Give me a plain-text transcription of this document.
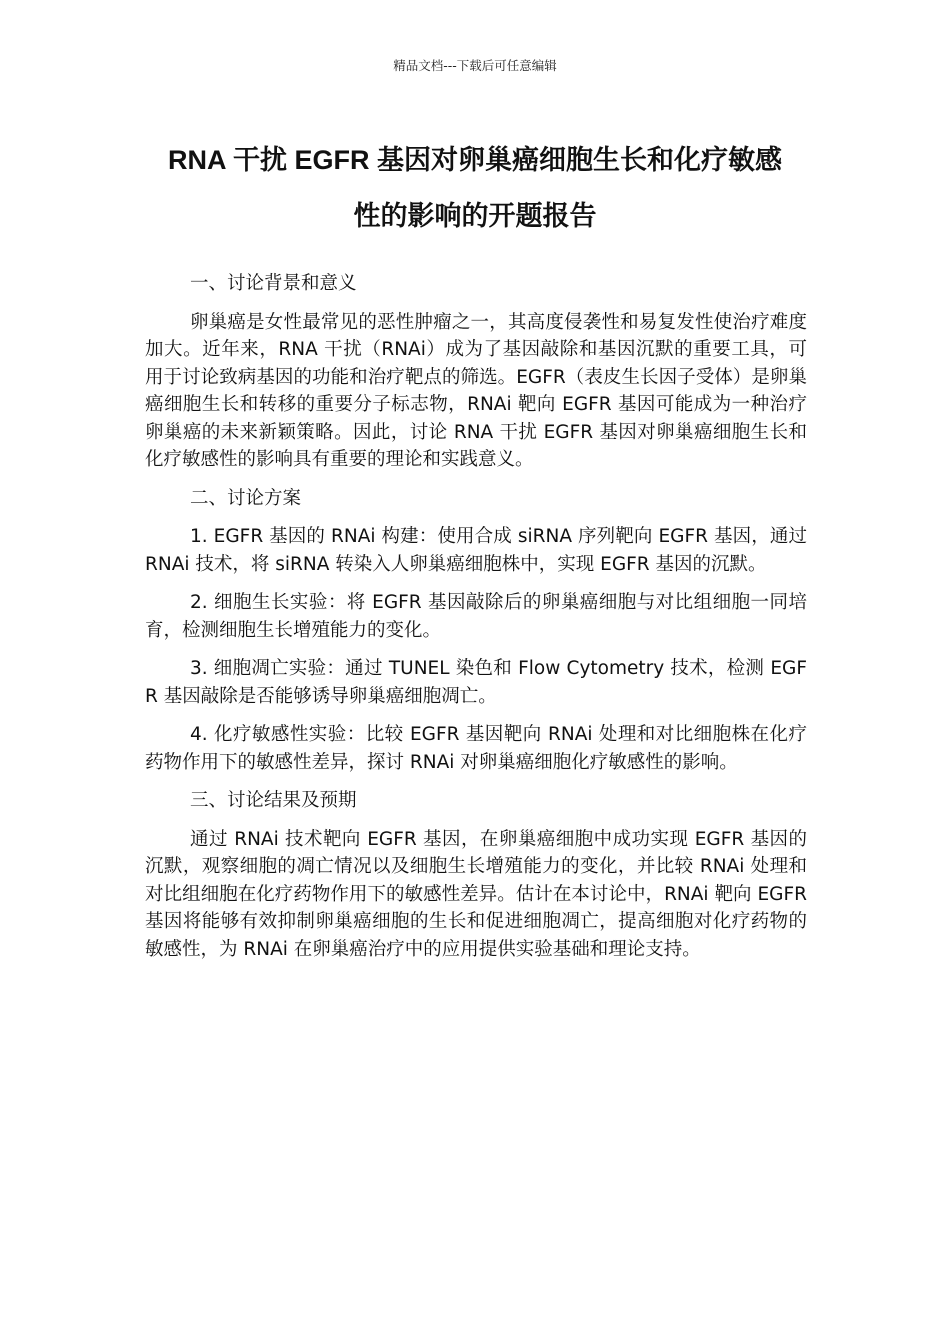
精品文档---下载后可任意编辑
RNA 干扰 EGFR 基因对卵巢癌细胞生长和化疗敏感
性的影响的开题报告

一、讨论背景和意义

卵巢癌是女性最常见的恶性肿瘤之一，其高度侵袭性和易复发性使治疗难度加大。近年来，RNA 干扰（RNAi）成为了基因敲除和基因沉默的重要工具，可用于讨论致病基因的功能和治疗靶点的筛选。EGFR（表皮生长因子受体）是卵巢癌细胞生长和转移的重要分子标志物，RNAi 靶向 EGFR 基因可能成为一种治疗卵巢癌的未来新颖策略。因此，讨论 RNA 干扰 EGFR 基因对卵巢癌细胞生长和化疗敏感性的影响具有重要的理论和实践意义。

二、讨论方案

1. EGFR 基因的 RNAi 构建：使用合成 siRNA 序列靶向 EGFR 基因，通过 RNAi 技术，将 siRNA 转染入人卵巢癌细胞株中，实现 EGFR 基因的沉默。

2. 细胞生长实验：将 EGFR 基因敲除后的卵巢癌细胞与对比组细胞一同培育，检测细胞生长增殖能力的变化。

3. 细胞凋亡实验：通过 TUNEL 染色和 Flow Cytometry 技术，检测 EGFR 基因敲除是否能够诱导卵巢癌细胞凋亡。

4. 化疗敏感性实验：比较 EGFR 基因靶向 RNAi 处理和对比细胞株在化疗药物作用下的敏感性差异，探讨 RNAi 对卵巢癌细胞化疗敏感性的影响。

三、讨论结果及预期

通过 RNAi 技术靶向 EGFR 基因，在卵巢癌细胞中成功实现 EGFR 基因的沉默，观察细胞的凋亡情况以及细胞生长增殖能力的变化，并比较 RNAi 处理和对比组细胞在化疗药物作用下的敏感性差异。估计在本讨论中，RNAi 靶向 EGFR 基因将能够有效抑制卵巢癌细胞的生长和促进细胞凋亡，提高细胞对化疗药物的敏感性，为 RNAi 在卵巢癌治疗中的应用提供实验基础和理论支持。
